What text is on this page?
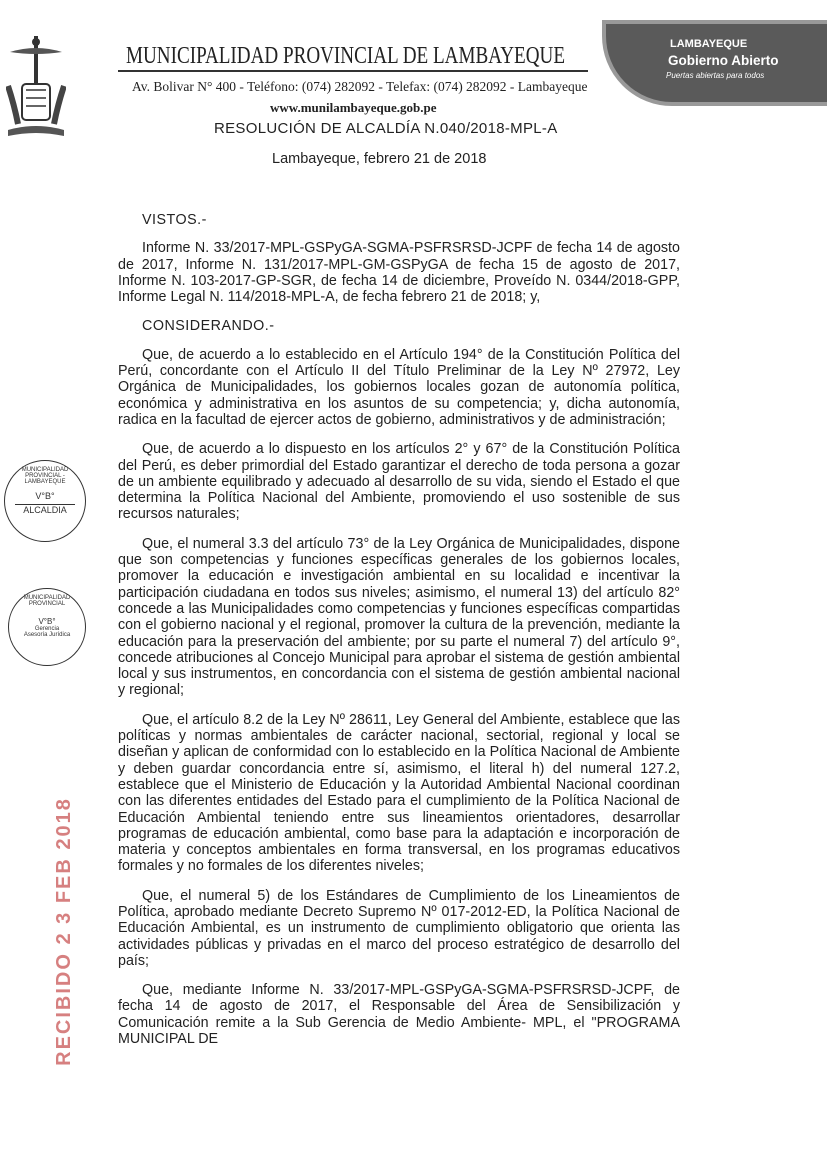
MUNICIPALIDAD PROVINCIAL DE LAMBAYEQUE
Av. Bolivar N° 400 - Teléfono: (074) 282092 - Telefax: (074) 282092 - Lambayeque
www.munilambayeque.gob.pe
RESOLUCIÓN DE ALCALDÍA N.040/2018-MPL-A
Lambayeque, febrero 21 de 2018
LAMBAYEQUE
Gobierno Abierto
Puertas abiertas para todos
MUNICIPALIDAD PROVINCIAL - LAMBAYEQUE
V°B°
ALCALDIA
MUNICIPALIDAD PROVINCIAL
V°B°
Gerencia Asesoría Jurídica
RECIBIDO 2 3 FEB 2018
VISTOS.-

Informe N. 33/2017-MPL-GSPyGA-SGMA-PSFRSRSD-JCPF de fecha 14 de agosto de 2017, Informe N. 131/2017-MPL-GM-GSPyGA de fecha 15 de agosto de 2017, Informe N. 103-2017-GP-SGR, de fecha 14 de diciembre, Proveído N. 0344/2018-GPP, Informe Legal N. 114/2018-MPL-A, de fecha febrero 21 de 2018; y,

CONSIDERANDO.-

Que, de acuerdo a lo establecido en el Artículo 194° de la Constitución Política del Perú, concordante con el Artículo II del Título Preliminar de la Ley Nº 27972, Ley Orgánica de Municipalidades, los gobiernos locales gozan de autonomía política, económica y administrativa en los asuntos de su competencia; y, dicha autonomía, radica en la facultad de ejercer actos de gobierno, administrativos y de administración;

Que, de acuerdo a lo dispuesto en los artículos 2° y 67° de la Constitución Política del Perú, es deber primordial del Estado garantizar el derecho de toda persona a gozar de un ambiente equilibrado y adecuado al desarrollo de su vida, siendo el Estado el que determina la Política Nacional del Ambiente, promoviendo el uso sostenible de sus recursos naturales;

Que, el numeral 3.3 del artículo 73° de la Ley Orgánica de Municipalidades, dispone que son competencias y funciones específicas generales de los gobiernos locales, promover la educación e investigación ambiental en su localidad e incentivar la participación ciudadana en todos sus niveles; asimismo, el numeral 13) del artículo 82° concede a las Municipalidades como competencias y funciones específicas compartidas con el gobierno nacional y el regional, promover la cultura de la prevención, mediante la educación para la preservación del ambiente; por su parte el numeral 7) del artículo 9°, concede atribuciones al Concejo Municipal para aprobar el sistema de gestión ambiental local y sus instrumentos, en concordancia con el sistema de gestión ambiental nacional y regional;

Que, el artículo 8.2 de la Ley Nº 28611, Ley General del Ambiente, establece que las políticas y normas ambientales de carácter nacional, sectorial, regional y local se diseñan y aplican de conformidad con lo establecido en la Política Nacional de Ambiente y deben guardar concordancia entre sí, asimismo, el literal h) del numeral 127.2, establece que el Ministerio de Educación y la Autoridad Ambiental Nacional coordinan con las diferentes entidades del Estado para el cumplimiento de la Política Nacional de Educación Ambiental teniendo entre sus lineamientos orientadores, desarrollar programas de educación ambiental, como base para la adaptación e incorporación de materia y conceptos ambientales en forma transversal, en los programas educativos formales y no formales de los diferentes niveles;

Que, el numeral 5) de los Estándares de Cumplimiento de los Lineamientos de Política, aprobado mediante Decreto Supremo Nº 017-2012-ED, la Política Nacional de Educación Ambiental, es un instrumento de cumplimiento obligatorio que orienta las actividades públicas y privadas en el marco del proceso estratégico de desarrollo del país;

Que, mediante Informe N. 33/2017-MPL-GSPyGA-SGMA-PSFRSRSD-JCPF, de fecha 14 de agosto de 2017, el Responsable del Área de Sensibilización y Comunicación remite a la Sub Gerencia de Medio Ambiente- MPL, el "PROGRAMA MUNICIPAL DE
